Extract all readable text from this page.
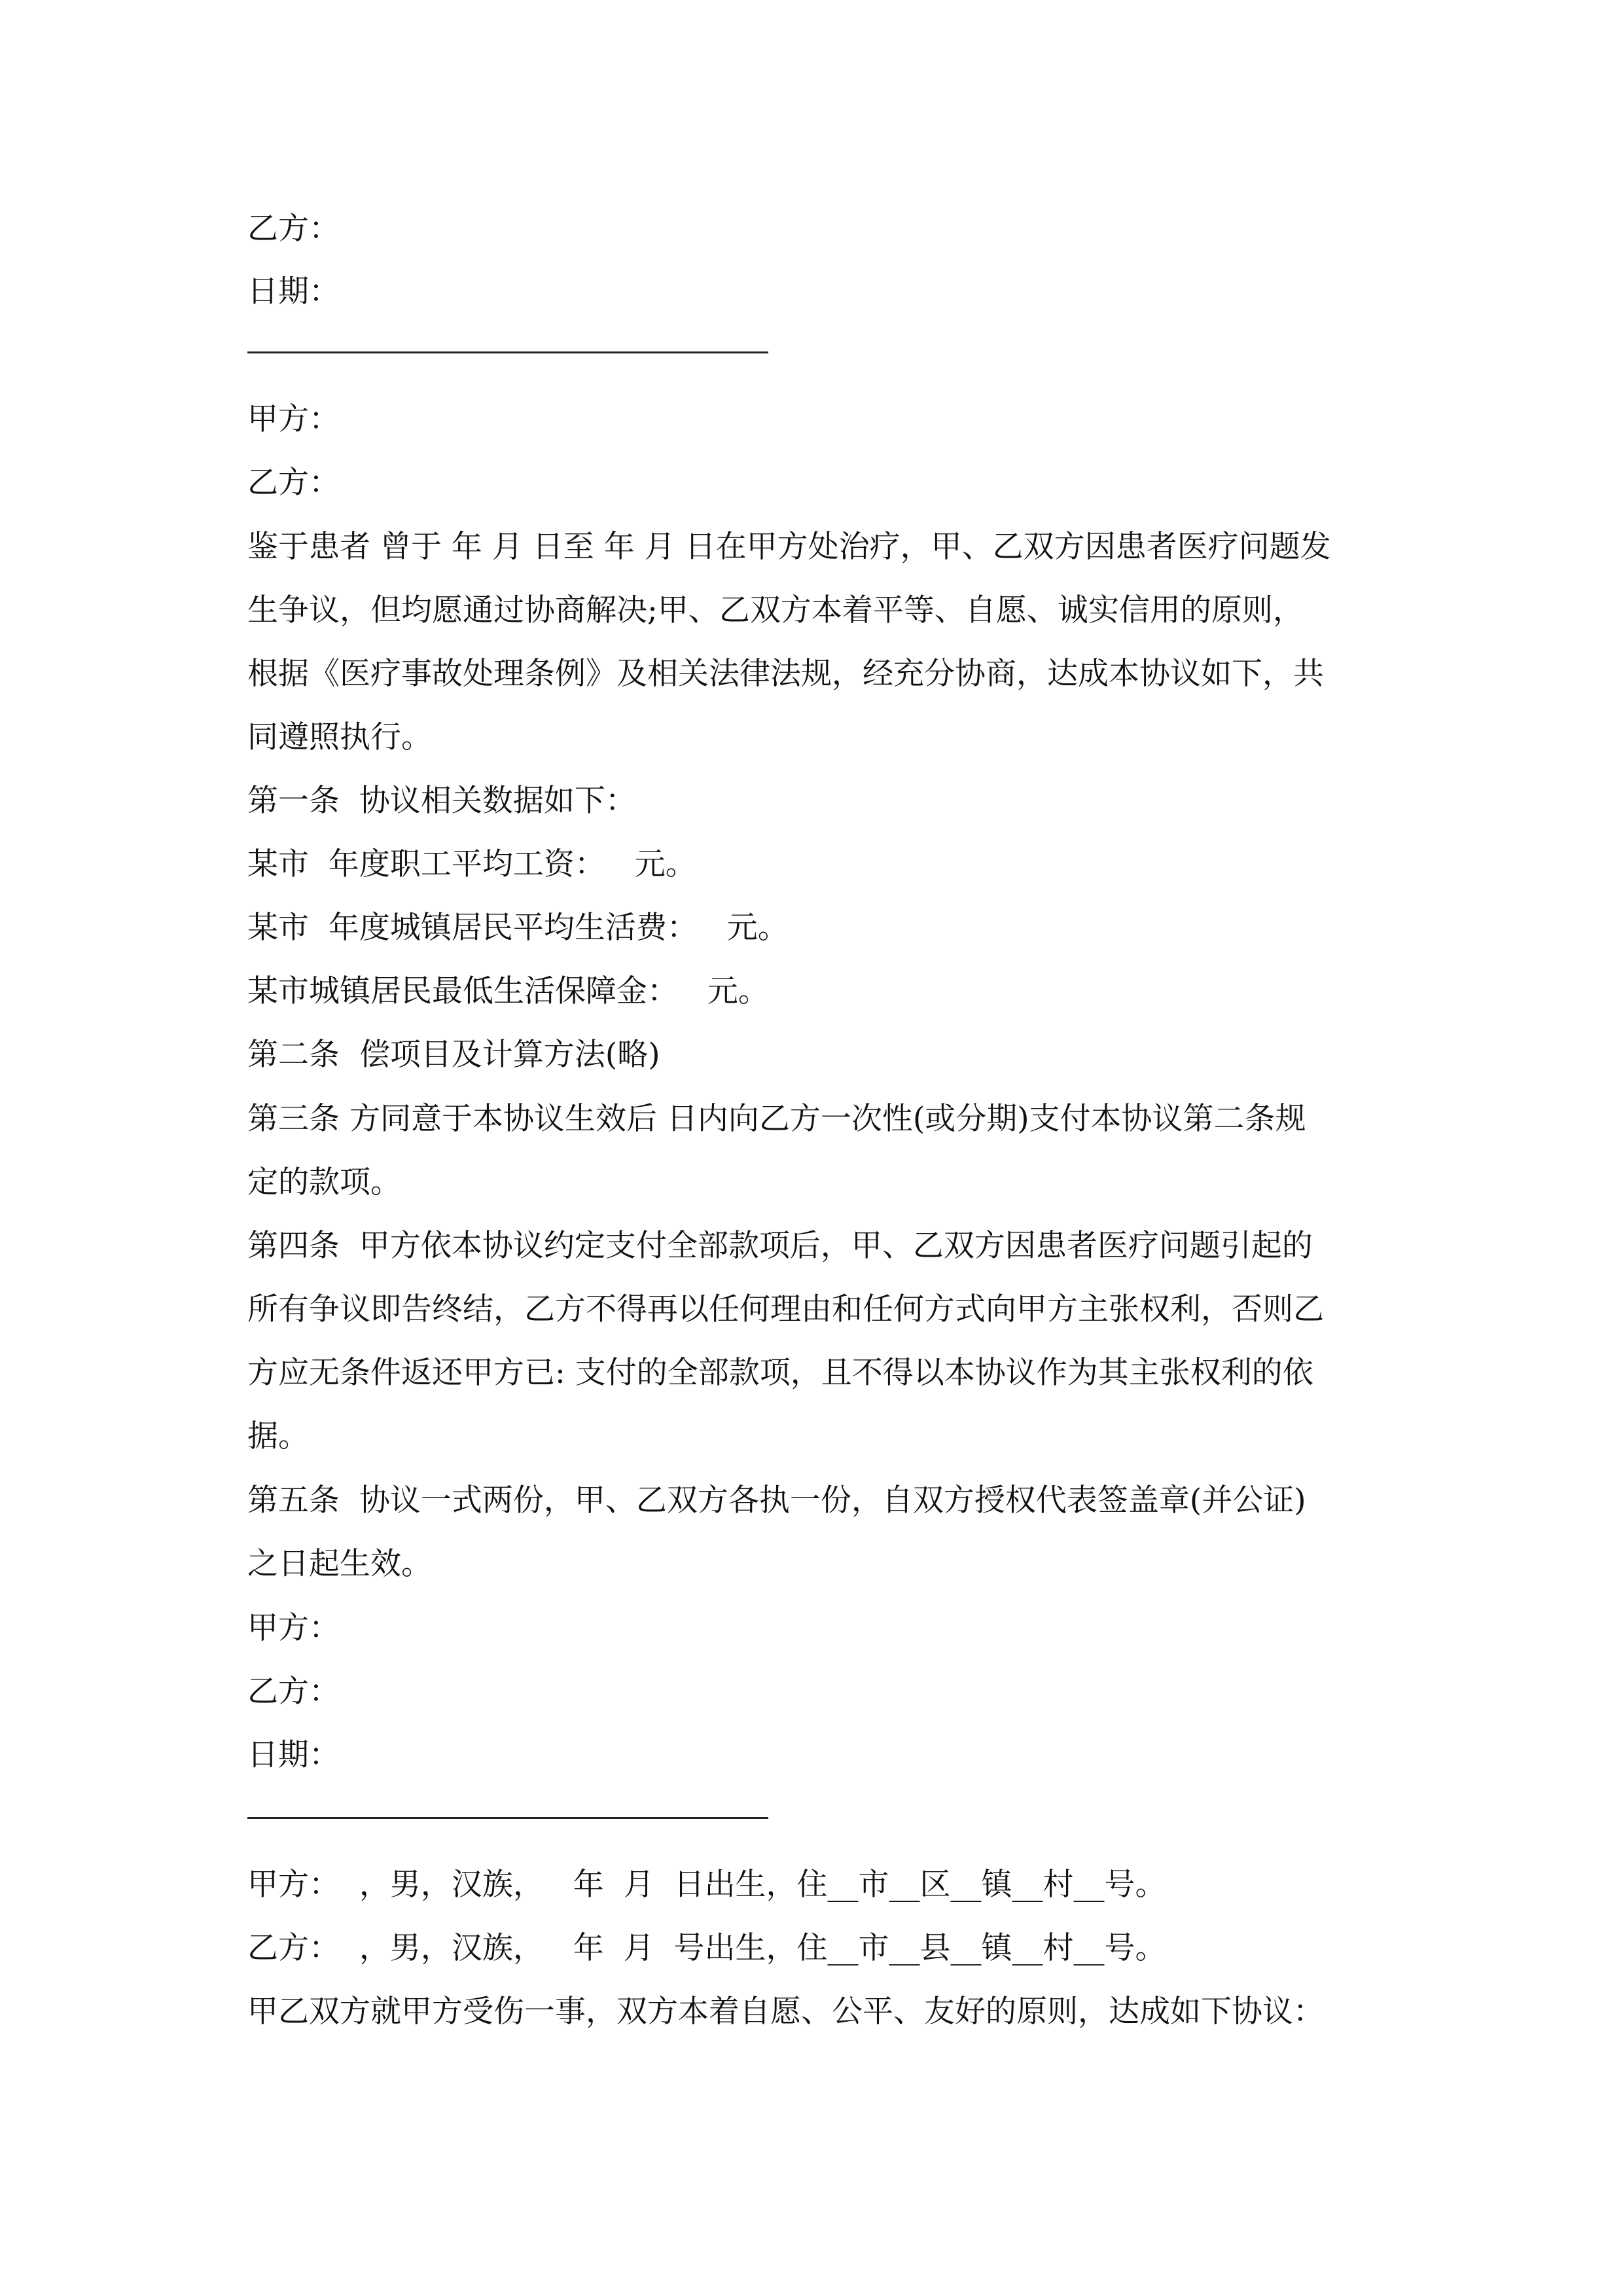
乙方：
日期：
甲方：
乙方：
鉴于患者 曾于 年 月 日至 年 月 日在甲方处治疗，甲、乙双方因患者医疗问题发
生争议，但均愿通过协商解决;甲、乙双方本着平等、自愿、诚实信用的原则，
根据《医疗事故处理条例》及相关法律法规，经充分协商，达成本协议如下，共
同遵照执行。
第一条  协议相关数据如下：
某市  年度职工平均工资：   元。
某市  年度城镇居民平均生活费：   元。
某市城镇居民最低生活保障金：   元。
第二条  偿项目及计算方法(略)
第三条 方同意于本协议生效后 日内向乙方一次性(或分期)支付本协议第二条规
定的款项。
第四条  甲方依本协议约定支付全部款项后，甲、乙双方因患者医疗问题引起的
所有争议即告终结，乙方不得再以任何理由和任何方式向甲方主张权利，否则乙
方应无条件返还甲方已: 支付的全部款项，且不得以本协议作为其主张权利的依
据。
第五条  协议一式两份，甲、乙双方各执一份，自双方授权代表签盖章(并公证)
之日起生效。
甲方：
乙方：
日期：
甲方：  ，男，汉族，   年  月  日出生，住__市__区__镇__村__号。
乙方：  ，男，汉族，   年  月  号出生，住__市__县__镇__村__号。
甲乙双方就甲方受伤一事，双方本着自愿、公平、友好的原则，达成如下协议：
